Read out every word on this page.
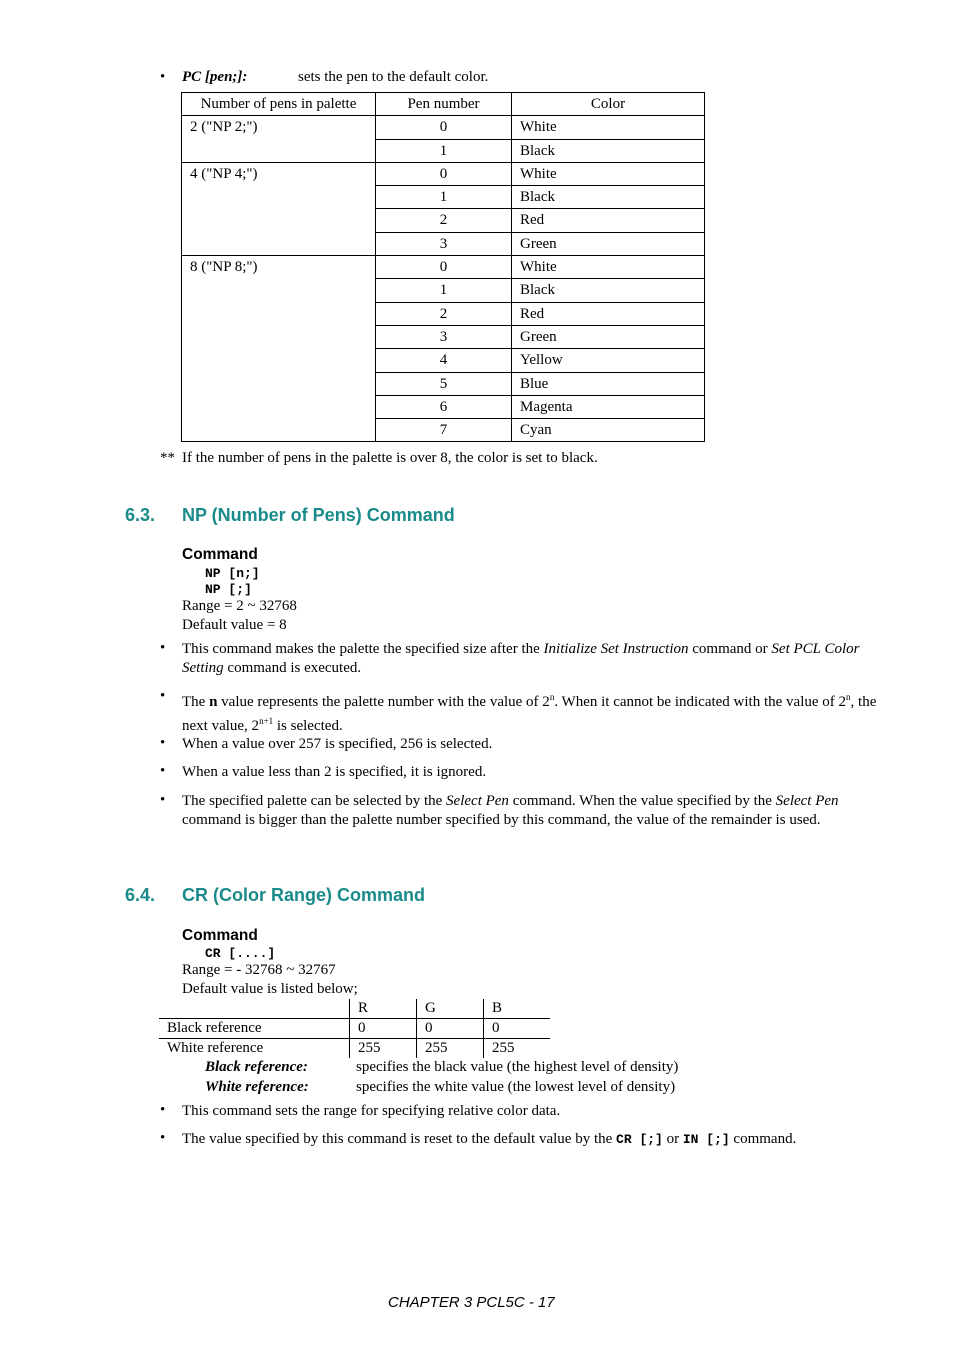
• PC [pen;]:	sets the pen to the default color.
Number of pens in palette	Pen number	Color
2 ("NP 2;")	0	White
	1	Black
4 ("NP 4;")	0	White
	1	Black
	2	Red
	3	Green
8 ("NP 8;")	0	White
	1	Black
	2	Red
	3	Green
	4	Yellow
	5	Blue
	6	Magenta
	7	Cyan
** If the number of pens in the palette is over 8, the color is set to black.
6.3. NP (Number of Pens) Command
Command
NP [n;]
NP [;]
Range = 2 ~ 32768
Default value = 8
• This command makes the palette the specified size after the Initialize Set Instruction command or Set PCL Color Setting command is executed.
• The n value represents the palette number with the value of 2$^n$. When it cannot be indicated with the value of 2$^n$, the next value, $2^{n+1}$ is selected.
• When a value over 257 is specified, 256 is selected.
• When a value less than 2 is specified, it is ignored.
• The specified palette can be selected by the Select Pen command. When the value specified by the Select Pen command is bigger than the palette number specified by this command, the value of the remainder is used.
6.4. CR (Color Range) Command
Command
CR [....]
Range = - 32768 ~ 32767
Default value is listed below;
	R	G	B
Black reference	0	0	0
White reference	255	255	255
Black reference:	specifies the black value (the highest level of density)
White reference:	specifies the white value (the lowest level of density)
• This command sets the range for specifying relative color data.
• The value specified by this command is reset to the default value by the CR [;] or IN [;] command.
CHAPTER 3 PCL5C - 17
